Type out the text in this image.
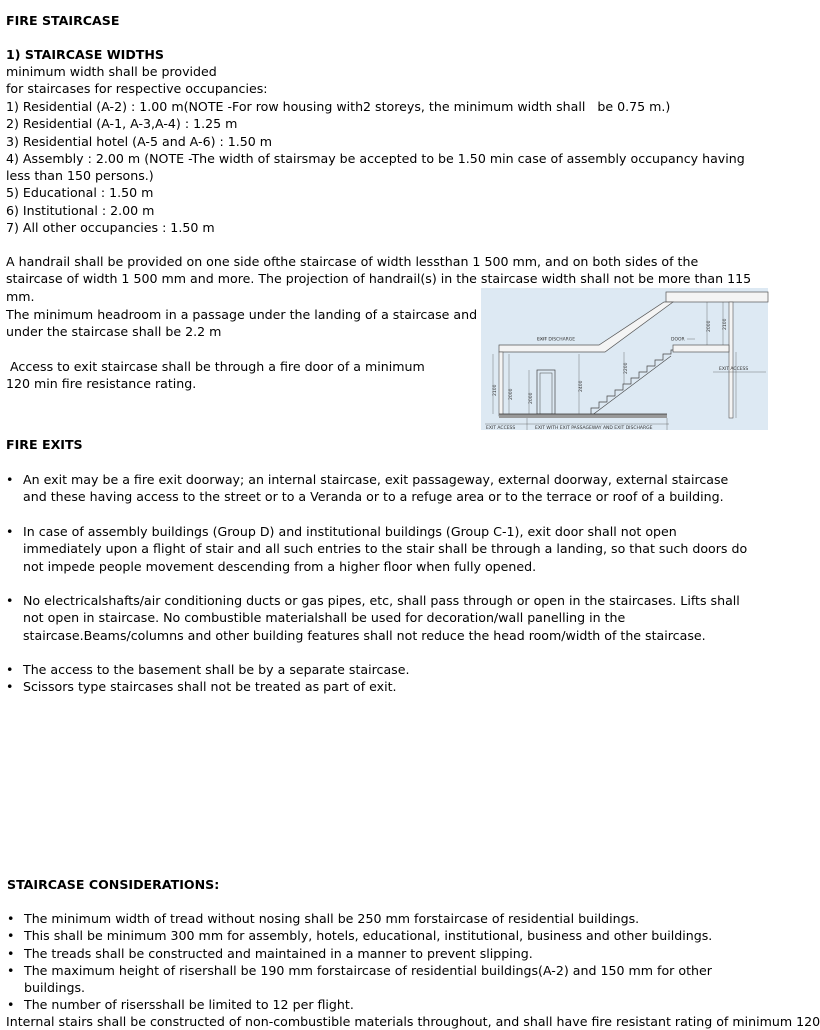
FIRE STAIRCASE
1) STAIRCASE WIDTHS
minimum width shall be provided
for staircases for respective occupancies:
1) Residential (A-2) : 1.00 m(NOTE -For row housing with2 storeys, the minimum width shall   be 0.75 m.)
2) Residential (A-1, A-3,A-4) : 1.25 m
3) Residential hotel (A-5 and A-6) : 1.50 m
4) Assembly : 2.00 m (NOTE -The width of stairsmay be accepted to be 1.50 min case of assembly occupancy having            less than 150 persons.)
5) Educational : 1.50 m
6) Institutional : 2.00 m
7) All other occupancies : 1.50 m
A handrail shall be provided on one side ofthe staircase of width lessthan 1 500 mm, and on both sides of the staircase of width 1 500 mm and more. The projection of handrail(s) in the staircase width shall not be more than 115 mm.
The minimum headroom in a passage under the landing of a staircase and under the staircase shall be 2.2 m
Access to exit staircase shall be through a fire door of a minimum 120 min fire resistance rating.
EXIT DISCHARGE	DOOR
EXIT ACCESS
EXIT ACCESS	EXIT WITH EXIT PASSAGEWAY AND EXIT DISCHARGE
2100 2000	2000
2400
2200
2000 2100
FIRE EXITS
• An exit may be a fire exit doorway; an internal staircase, exit passageway, external doorway, external staircase and these having access to the street or to a Veranda or to a refuge area or to the terrace or roof of a building.
• In case of assembly buildings (Group D) and institutional buildings (Group C-1), exit door shall not open immediately upon a flight of stair and all such entries to the stair shall be through a landing, so that such doors do not impede people movement descending from a higher floor when fully opened.
• No electricalshafts/air conditioning ducts or gas pipes, etc, shall pass through or open in the staircases. Lifts shall not open in staircase. No combustible materialshall be used for decoration/wall panelling in the staircase.Beams/columns and other building features shall not reduce the head room/width of the staircase.
• The access to the basement shall be by a separate staircase.
• Scissors type staircases shall not be treated as part of exit.
STAIRCASE CONSIDERATIONS:
• The minimum width of tread without nosing shall be 250 mm forstaircase of residential buildings.
• This shall be minimum 300 mm for assembly, hotels, educational, institutional, business and other buildings.
• The treads shall be constructed and maintained in a manner to prevent slipping.
• The maximum height of risershall be 190 mm forstaircase of residential buildings(A-2) and 150 mm for other buildings.
• The number of risersshall be limited to 12 per flight.
Internal stairs shall be constructed of non-combustible materials throughout, and shall have fire resistant rating of minimum 120
